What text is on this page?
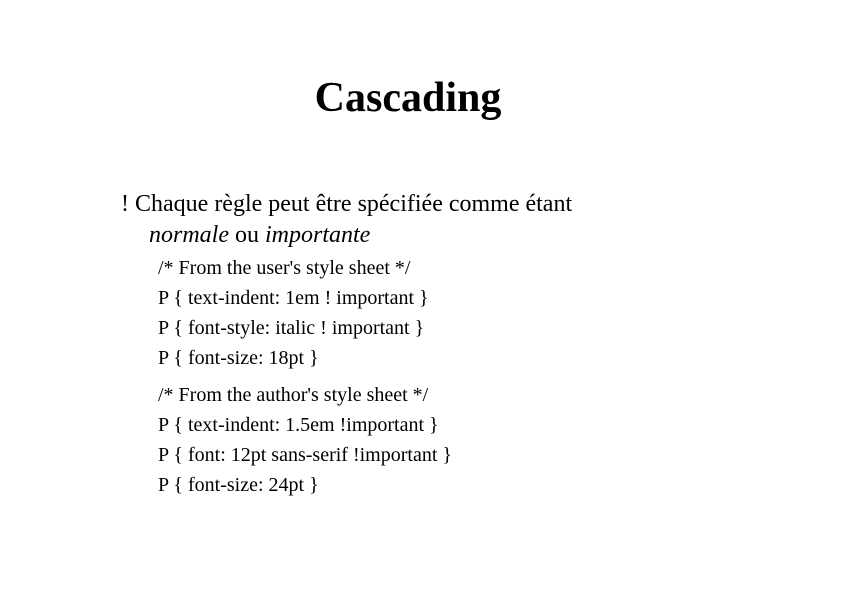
Cascading
! Chaque règle peut être spécifiée comme étant
normale ou importante
/* From the user's style sheet */
P { text-indent: 1em ! important }
P { font-style: italic ! important }
P { font-size: 18pt }
/* From the author's style sheet */
P { text-indent: 1.5em !important }
P { font: 12pt sans-serif !important }
P { font-size: 24pt }
